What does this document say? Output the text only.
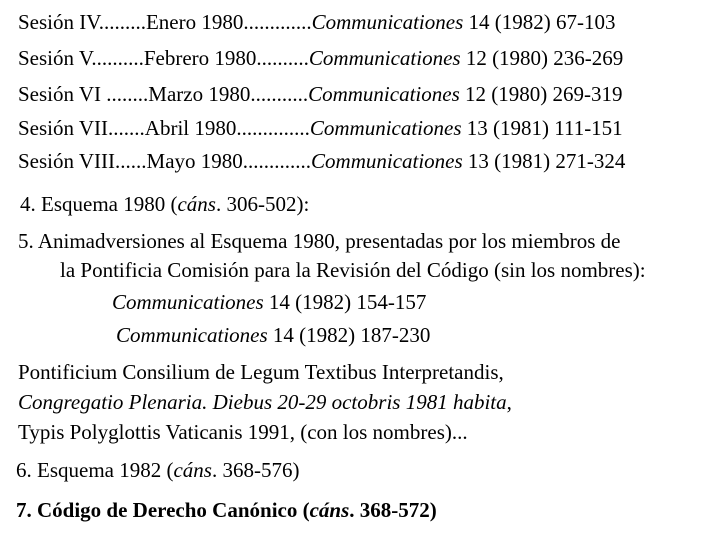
Sesión IV.........Enero 1980.............Communicationes 14 (1982) 67-103
Sesión V..........Febrero 1980..........Communicationes 12 (1980) 236-269
Sesión VI ........Marzo 1980...........Communicationes 12 (1980) 269-319
Sesión VII.......Abril 1980..............Communicationes 13 (1981) 111-151
Sesión VIII......Mayo 1980.............Communicationes 13 (1981) 271-324
4. Esquema 1980 (cáns. 306-502):
5. Animadversiones al Esquema 1980, presentadas por los miembros de
la Pontificia Comisión para la Revisión del Código (sin los nombres):
Communicationes 14 (1982) 154-157
Communicationes 14 (1982) 187-230
Pontificium Consilium de Legum Textibus Interpretandis,
Congregatio Plenaria. Diebus 20-29 octobris 1981 habita,
Typis Polyglottis Vaticanis 1991, (con los nombres)...
6. Esquema 1982 (cáns. 368-576)
7. Código de Derecho Canónico (cáns. 368-572)
